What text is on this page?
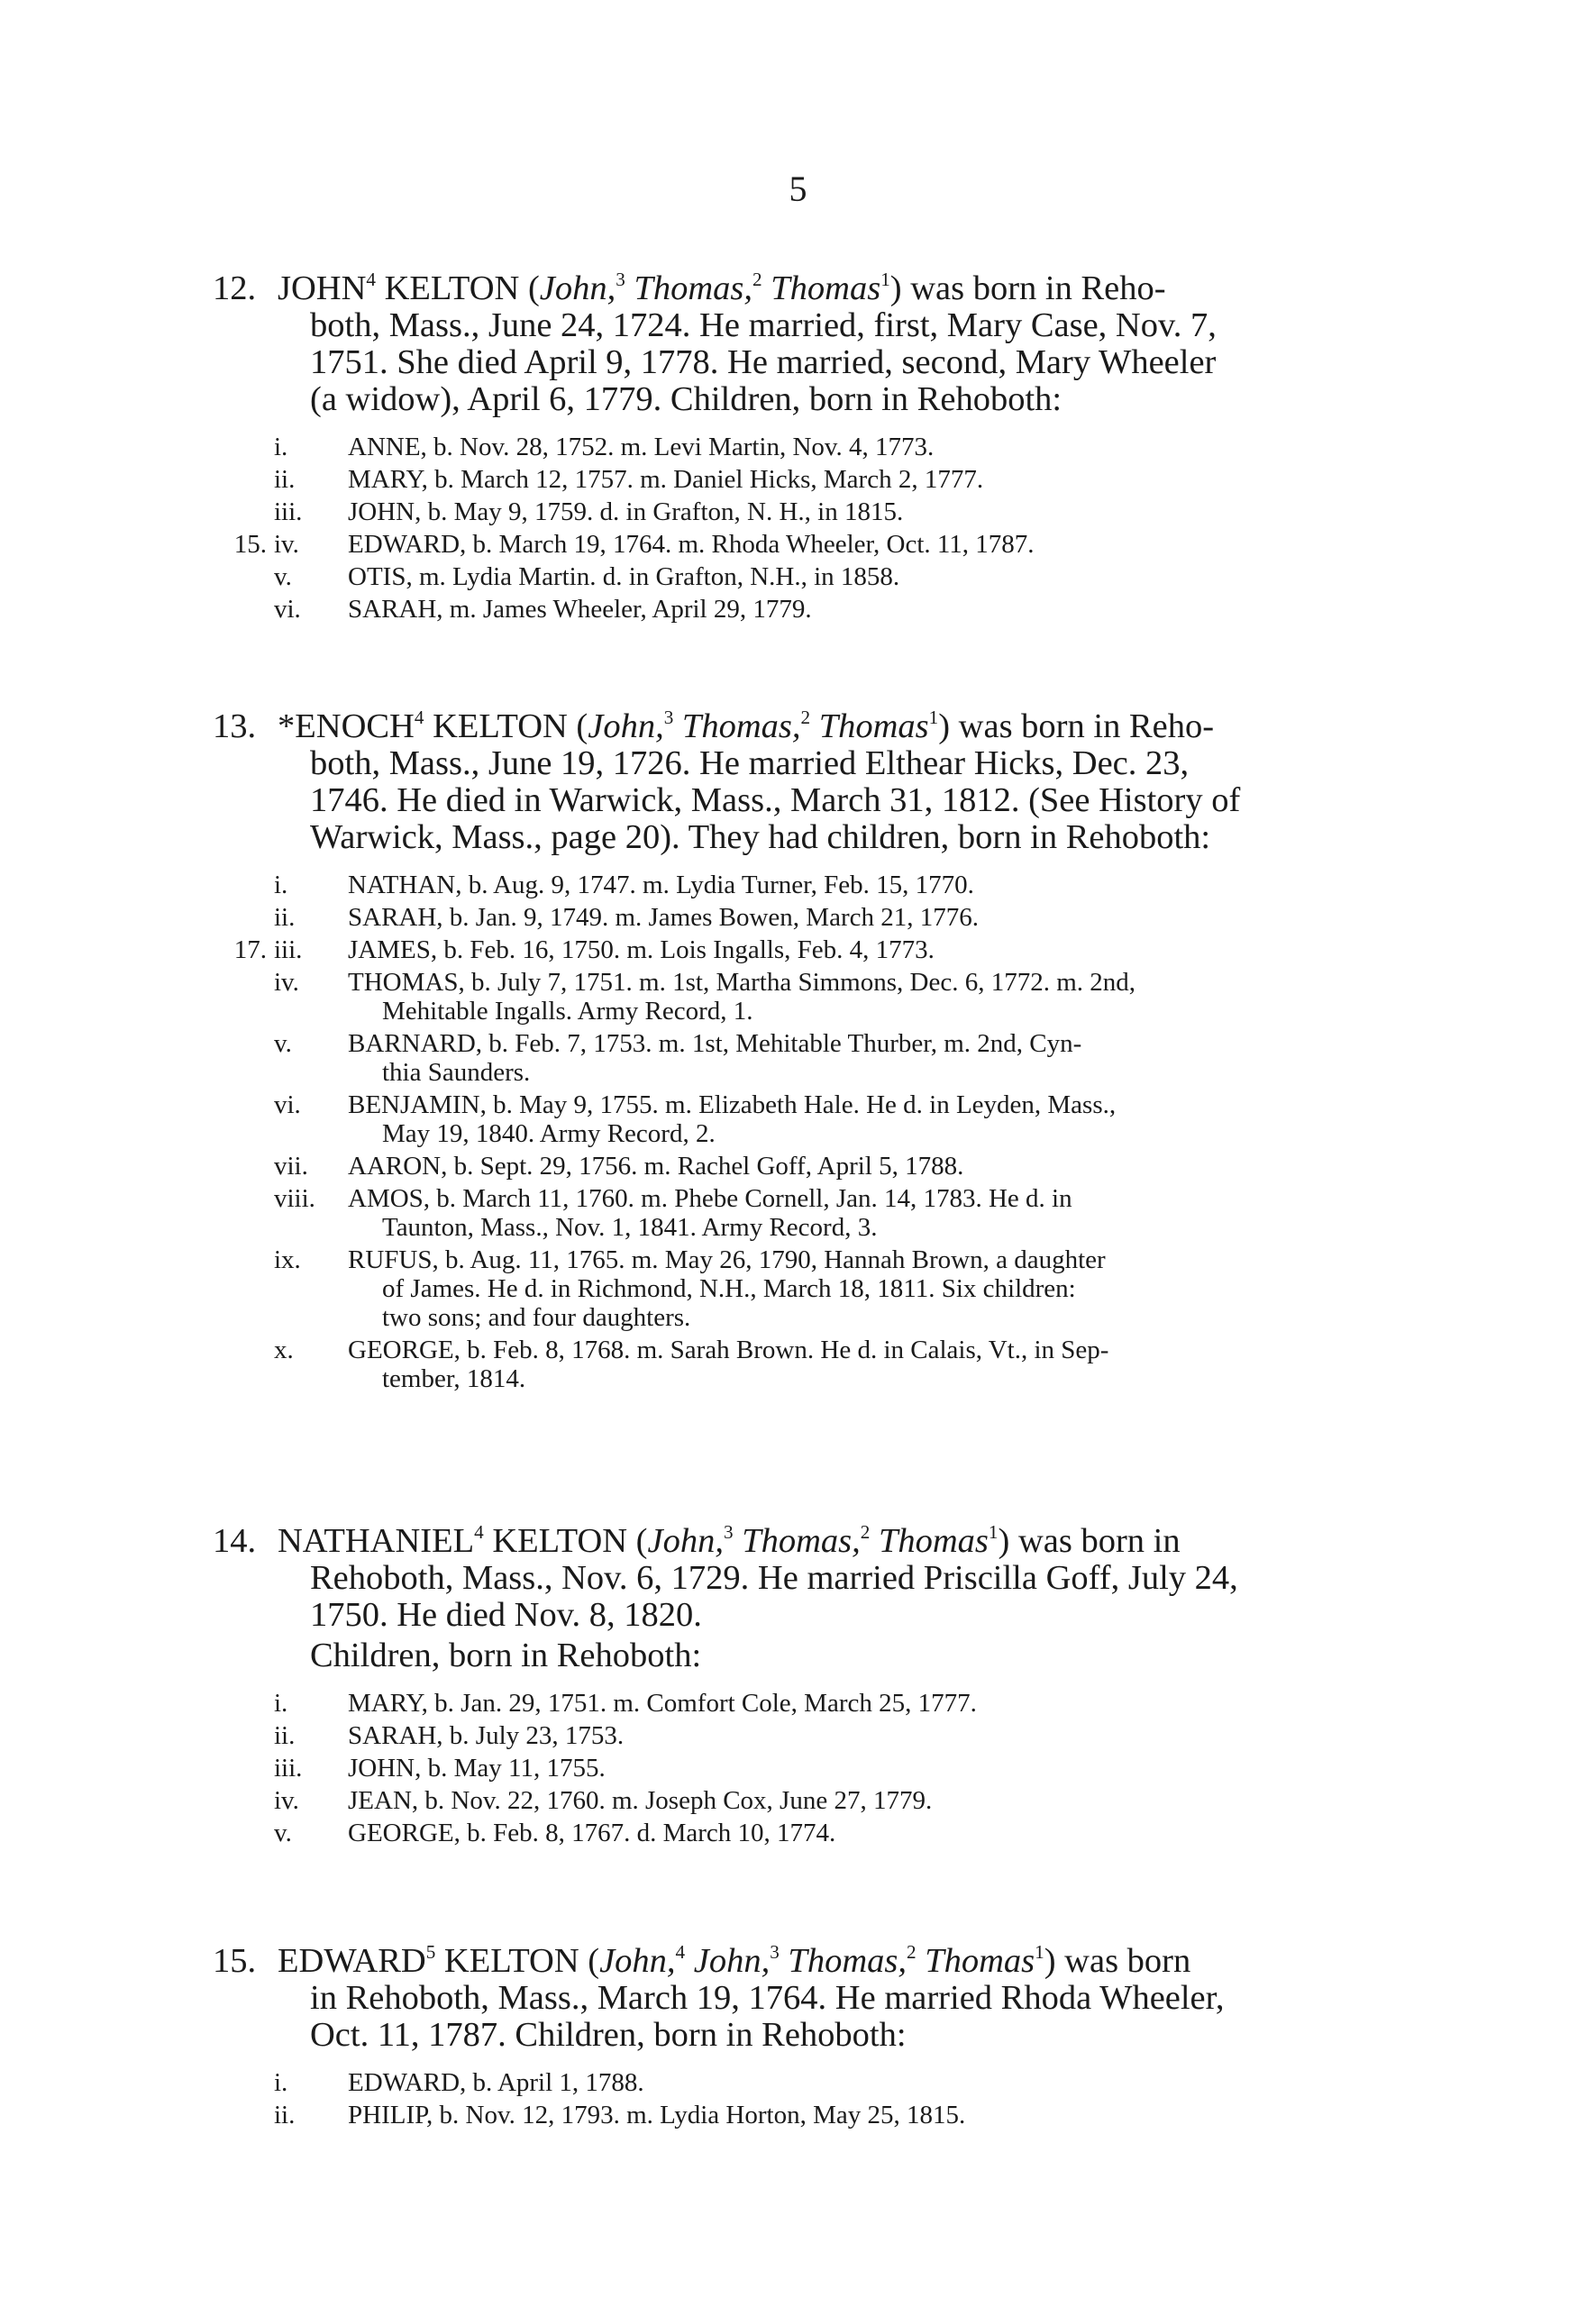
5

12. JOHN$^4$ KELTON (John,$^3$ Thomas,$^2$ Thomas$^1$) was born in Reho-
both, Mass., June 24, 1724. He married, first, Mary Case, Nov. 7,
1751. She died April 9, 1778. He married, second, Mary Wheeler
(a widow), April 6, 1779. Children, born in Rehoboth:

i.	ANNE, b. Nov. 28, 1752. m. Levi Martin, Nov. 4, 1773.
ii.	MARY, b. March 12, 1757. m. Daniel Hicks, March 2, 1777.
iii.	JOHN, b. May 9, 1759. d. in Grafton, N. H., in 1815.
15. iv.	EDWARD, b. March 19, 1764. m. Rhoda Wheeler, Oct. 11, 1787.
v.	OTIS, m. Lydia Martin. d. in Grafton, N.H., in 1858.
vi.	SARAH, m. James Wheeler, April 29, 1779.

13. *ENOCH$^4$ KELTON (John,$^3$ Thomas,$^2$ Thomas$^1$) was born in Reho-
both, Mass., June 19, 1726. He married Elthear Hicks, Dec. 23,
1746. He died in Warwick, Mass., March 31, 1812. (See History of
Warwick, Mass., page 20). They had children, born in Rehoboth:

i.	NATHAN, b. Aug. 9, 1747. m. Lydia Turner, Feb. 15, 1770.
ii.	SARAH, b. Jan. 9, 1749. m. James Bowen, March 21, 1776.
17. iii.	JAMES, b. Feb. 16, 1750. m. Lois Ingalls, Feb. 4, 1773.
iv.	THOMAS, b. July 7, 1751. m. 1st, Martha Simmons, Dec. 6, 1772. m. 2nd,
Mehitable Ingalls. Army Record, 1.
v.	BARNARD, b. Feb. 7, 1753. m. 1st, Mehitable Thurber, m. 2nd, Cyn-
thia Saunders.
vi.	BENJAMIN, b. May 9, 1755. m. Elizabeth Hale. He d. in Leyden, Mass.,
May 19, 1840. Army Record, 2.
vii.	AARON, b. Sept. 29, 1756. m. Rachel Goff, April 5, 1788.
viii.	AMOS, b. March 11, 1760. m. Phebe Cornell, Jan. 14, 1783. He d. in
Taunton, Mass., Nov. 1, 1841. Army Record, 3.
ix.	RUFUS, b. Aug. 11, 1765. m. May 26, 1790, Hannah Brown, a daughter
of James. He d. in Richmond, N.H., March 18, 1811. Six children:
two sons; and four daughters.
x.	GEORGE, b. Feb. 8, 1768. m. Sarah Brown. He d. in Calais, Vt., in Sep-
tember, 1814.

14. NATHANIEL$^4$ KELTON (John,$^3$ Thomas,$^2$ Thomas$^1$) was born in
Rehoboth, Mass., Nov. 6, 1729. He married Priscilla Goff, July 24,
1750. He died Nov. 8, 1820.
Children, born in Rehoboth:

i.	MARY, b. Jan. 29, 1751. m. Comfort Cole, March 25, 1777.
ii.	SARAH, b. July 23, 1753.
iii.	JOHN, b. May 11, 1755.
iv.	JEAN, b. Nov. 22, 1760. m. Joseph Cox, June 27, 1779.
v.	GEORGE, b. Feb. 8, 1767. d. March 10, 1774.

15. EDWARD$^5$ KELTON (John,$^4$ John,$^3$ Thomas,$^2$ Thomas$^1$) was born
in Rehoboth, Mass., March 19, 1764. He married Rhoda Wheeler,
Oct. 11, 1787. Children, born in Rehoboth:

i.	EDWARD, b. April 1, 1788.
ii.	PHILIP, b. Nov. 12, 1793. m. Lydia Horton, May 25, 1815.
